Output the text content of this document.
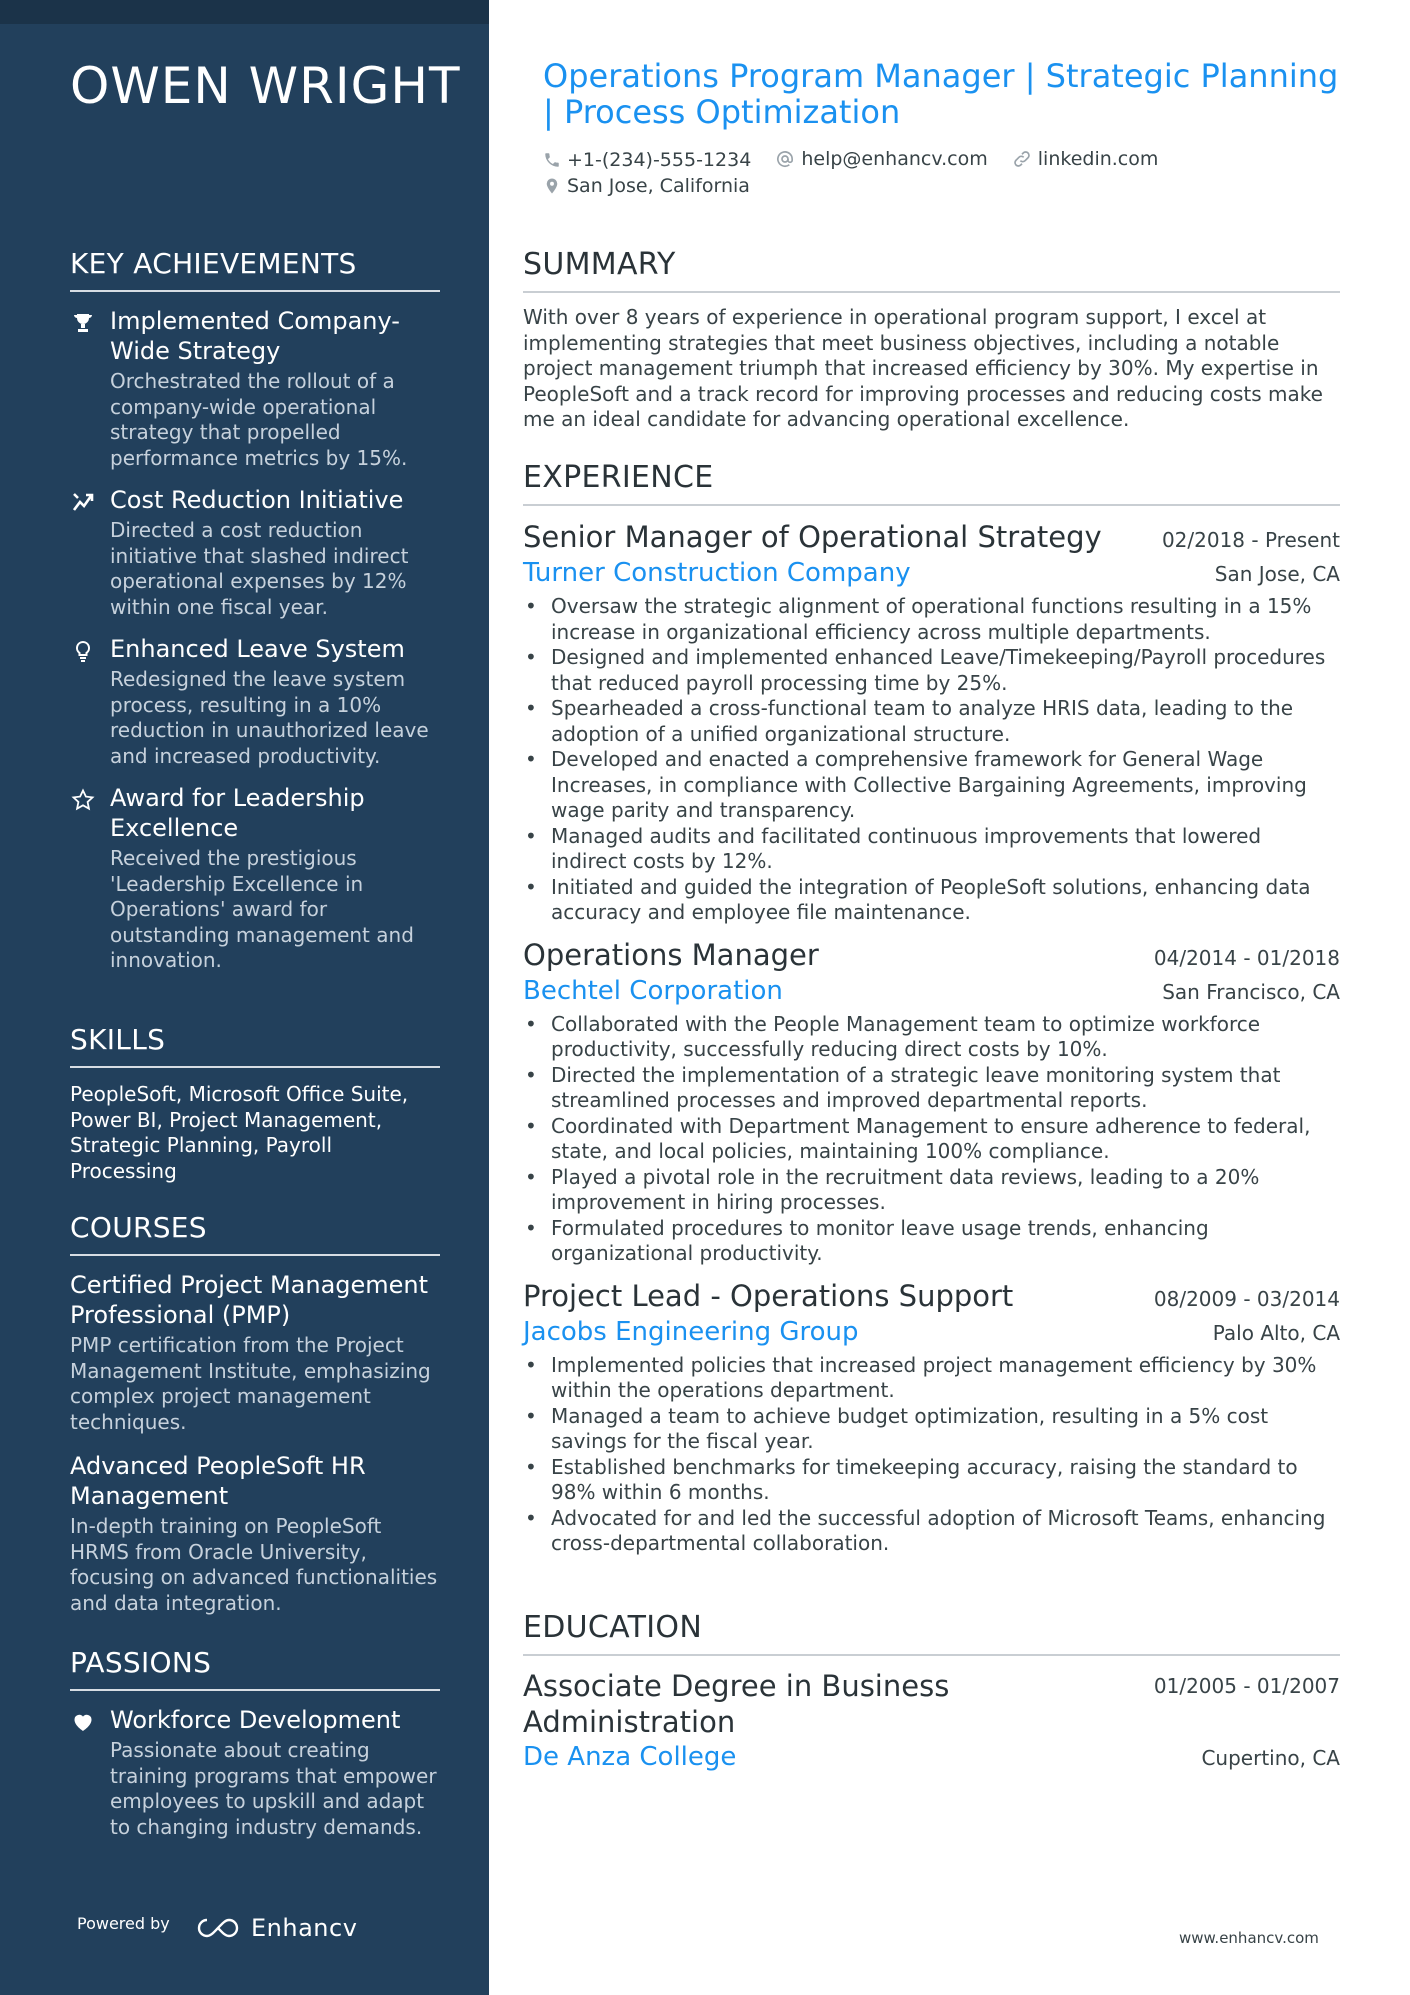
OWEN WRIGHT
KEY ACHIEVEMENTS
Implemented Company-Wide Strategy
Orchestrated the rollout of a company-wide operational strategy that propelled performance metrics by 15%.
Cost Reduction Initiative
Directed a cost reduction initiative that slashed indirect operational expenses by 12% within one fiscal year.
Enhanced Leave System
Redesigned the leave system process, resulting in a 10% reduction in unauthorized leave and increased productivity.
Award for Leadership Excellence
Received the prestigious 'Leadership Excellence in Operations' award for outstanding management and innovation.
SKILLS
PeopleSoft, Microsoft Office Suite, Power BI, Project Management, Strategic Planning, Payroll Processing
COURSES
Certified Project Management Professional (PMP)
PMP certification from the Project Management Institute, emphasizing complex project management techniques.
Advanced PeopleSoft HR Management
In-depth training on PeopleSoft HRMS from Oracle University, focusing on advanced functionalities and data integration.
PASSIONS
Workforce Development
Passionate about creating training programs that empower employees to upskill and adapt to changing industry demands.
Powered by	Enhancv
Operations Program Manager | Strategic Planning | Process Optimization
+1-(234)-555-1234
	help@enhancv.com
	linkedin.com
San Jose, California
SUMMARY
With over 8 years of experience in operational program support, I excel at implementing strategies that meet business objectives, including a notable project management triumph that increased efficiency by 30%. My expertise in PeopleSoft and a track record for improving processes and reducing costs make me an ideal candidate for advancing operational excellence.
EXPERIENCE
Senior Manager of Operational Strategy	02/2018 - Present
Turner Construction Company	San Jose, CA
• Oversaw the strategic alignment of operational functions resulting in a 15% increase in organizational efficiency across multiple departments.
• Designed and implemented enhanced Leave/Timekeeping/Payroll procedures that reduced payroll processing time by 25%.
• Spearheaded a cross-functional team to analyze HRIS data, leading to the adoption of a unified organizational structure.
• Developed and enacted a comprehensive framework for General Wage Increases, in compliance with Collective Bargaining Agreements, improving wage parity and transparency.
• Managed audits and facilitated continuous improvements that lowered indirect costs by 12%.
• Initiated and guided the integration of PeopleSoft solutions, enhancing data accuracy and employee file maintenance.
Operations Manager	04/2014 - 01/2018
Bechtel Corporation	San Francisco, CA
• Collaborated with the People Management team to optimize workforce productivity, successfully reducing direct costs by 10%.
• Directed the implementation of a strategic leave monitoring system that streamlined processes and improved departmental reports.
• Coordinated with Department Management to ensure adherence to federal, state, and local policies, maintaining 100% compliance.
• Played a pivotal role in the recruitment data reviews, leading to a 20% improvement in hiring processes.
• Formulated procedures to monitor leave usage trends, enhancing organizational productivity.
Project Lead - Operations Support	08/2009 - 03/2014
Jacobs Engineering Group	Palo Alto, CA
• Implemented policies that increased project management efficiency by 30% within the operations department.
• Managed a team to achieve budget optimization, resulting in a 5% cost savings for the fiscal year.
• Established benchmarks for timekeeping accuracy, raising the standard to 98% within 6 months.
• Advocated for and led the successful adoption of Microsoft Teams, enhancing cross-departmental collaboration.
EDUCATION
Associate Degree in Business Administration
01/2005 - 01/2007
De Anza College	Cupertino, CA
www.enhancv.com
